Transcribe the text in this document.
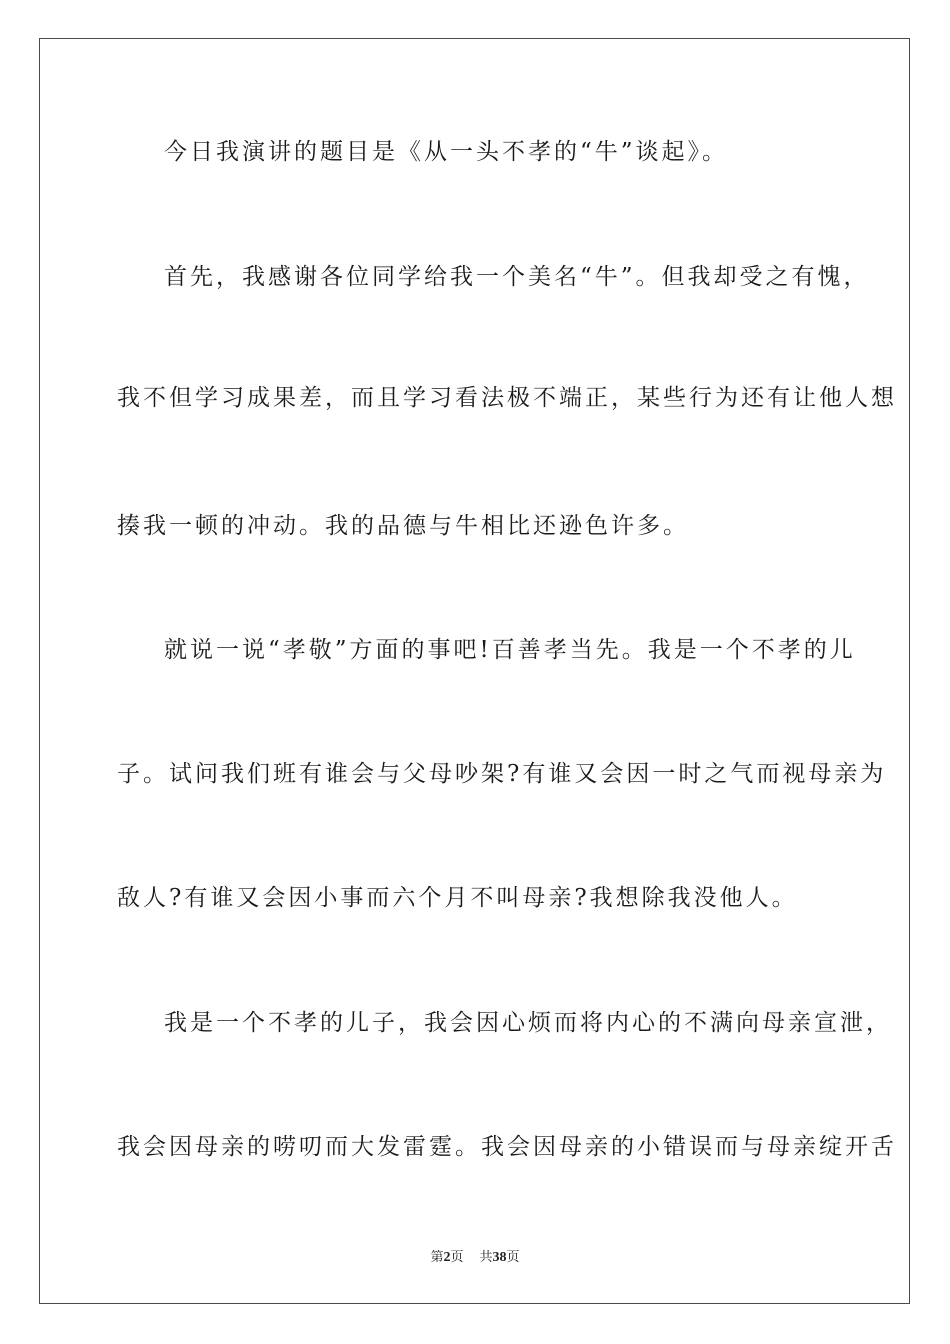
今日我演讲的题目是《从一头不孝的“牛”谈起》。
首先，我感谢各位同学给我一个美名“牛”。但我却受之有愧，
我不但学习成果差，而且学习看法极不端正，某些行为还有让他人想
揍我一顿的冲动。我的品德与牛相比还逊色许多。
就说一说“孝敬”方面的事吧!百善孝当先。我是一个不孝的儿
子。试问我们班有谁会与父母吵架?有谁又会因一时之气而视母亲为
敌人?有谁又会因小事而六个月不叫母亲?我想除我没他人。
我是一个不孝的儿子，我会因心烦而将内心的不满向母亲宣泄，
我会因母亲的唠叨而大发雷霆。我会因母亲的小错误而与母亲绽开舌
第2页 共38页
